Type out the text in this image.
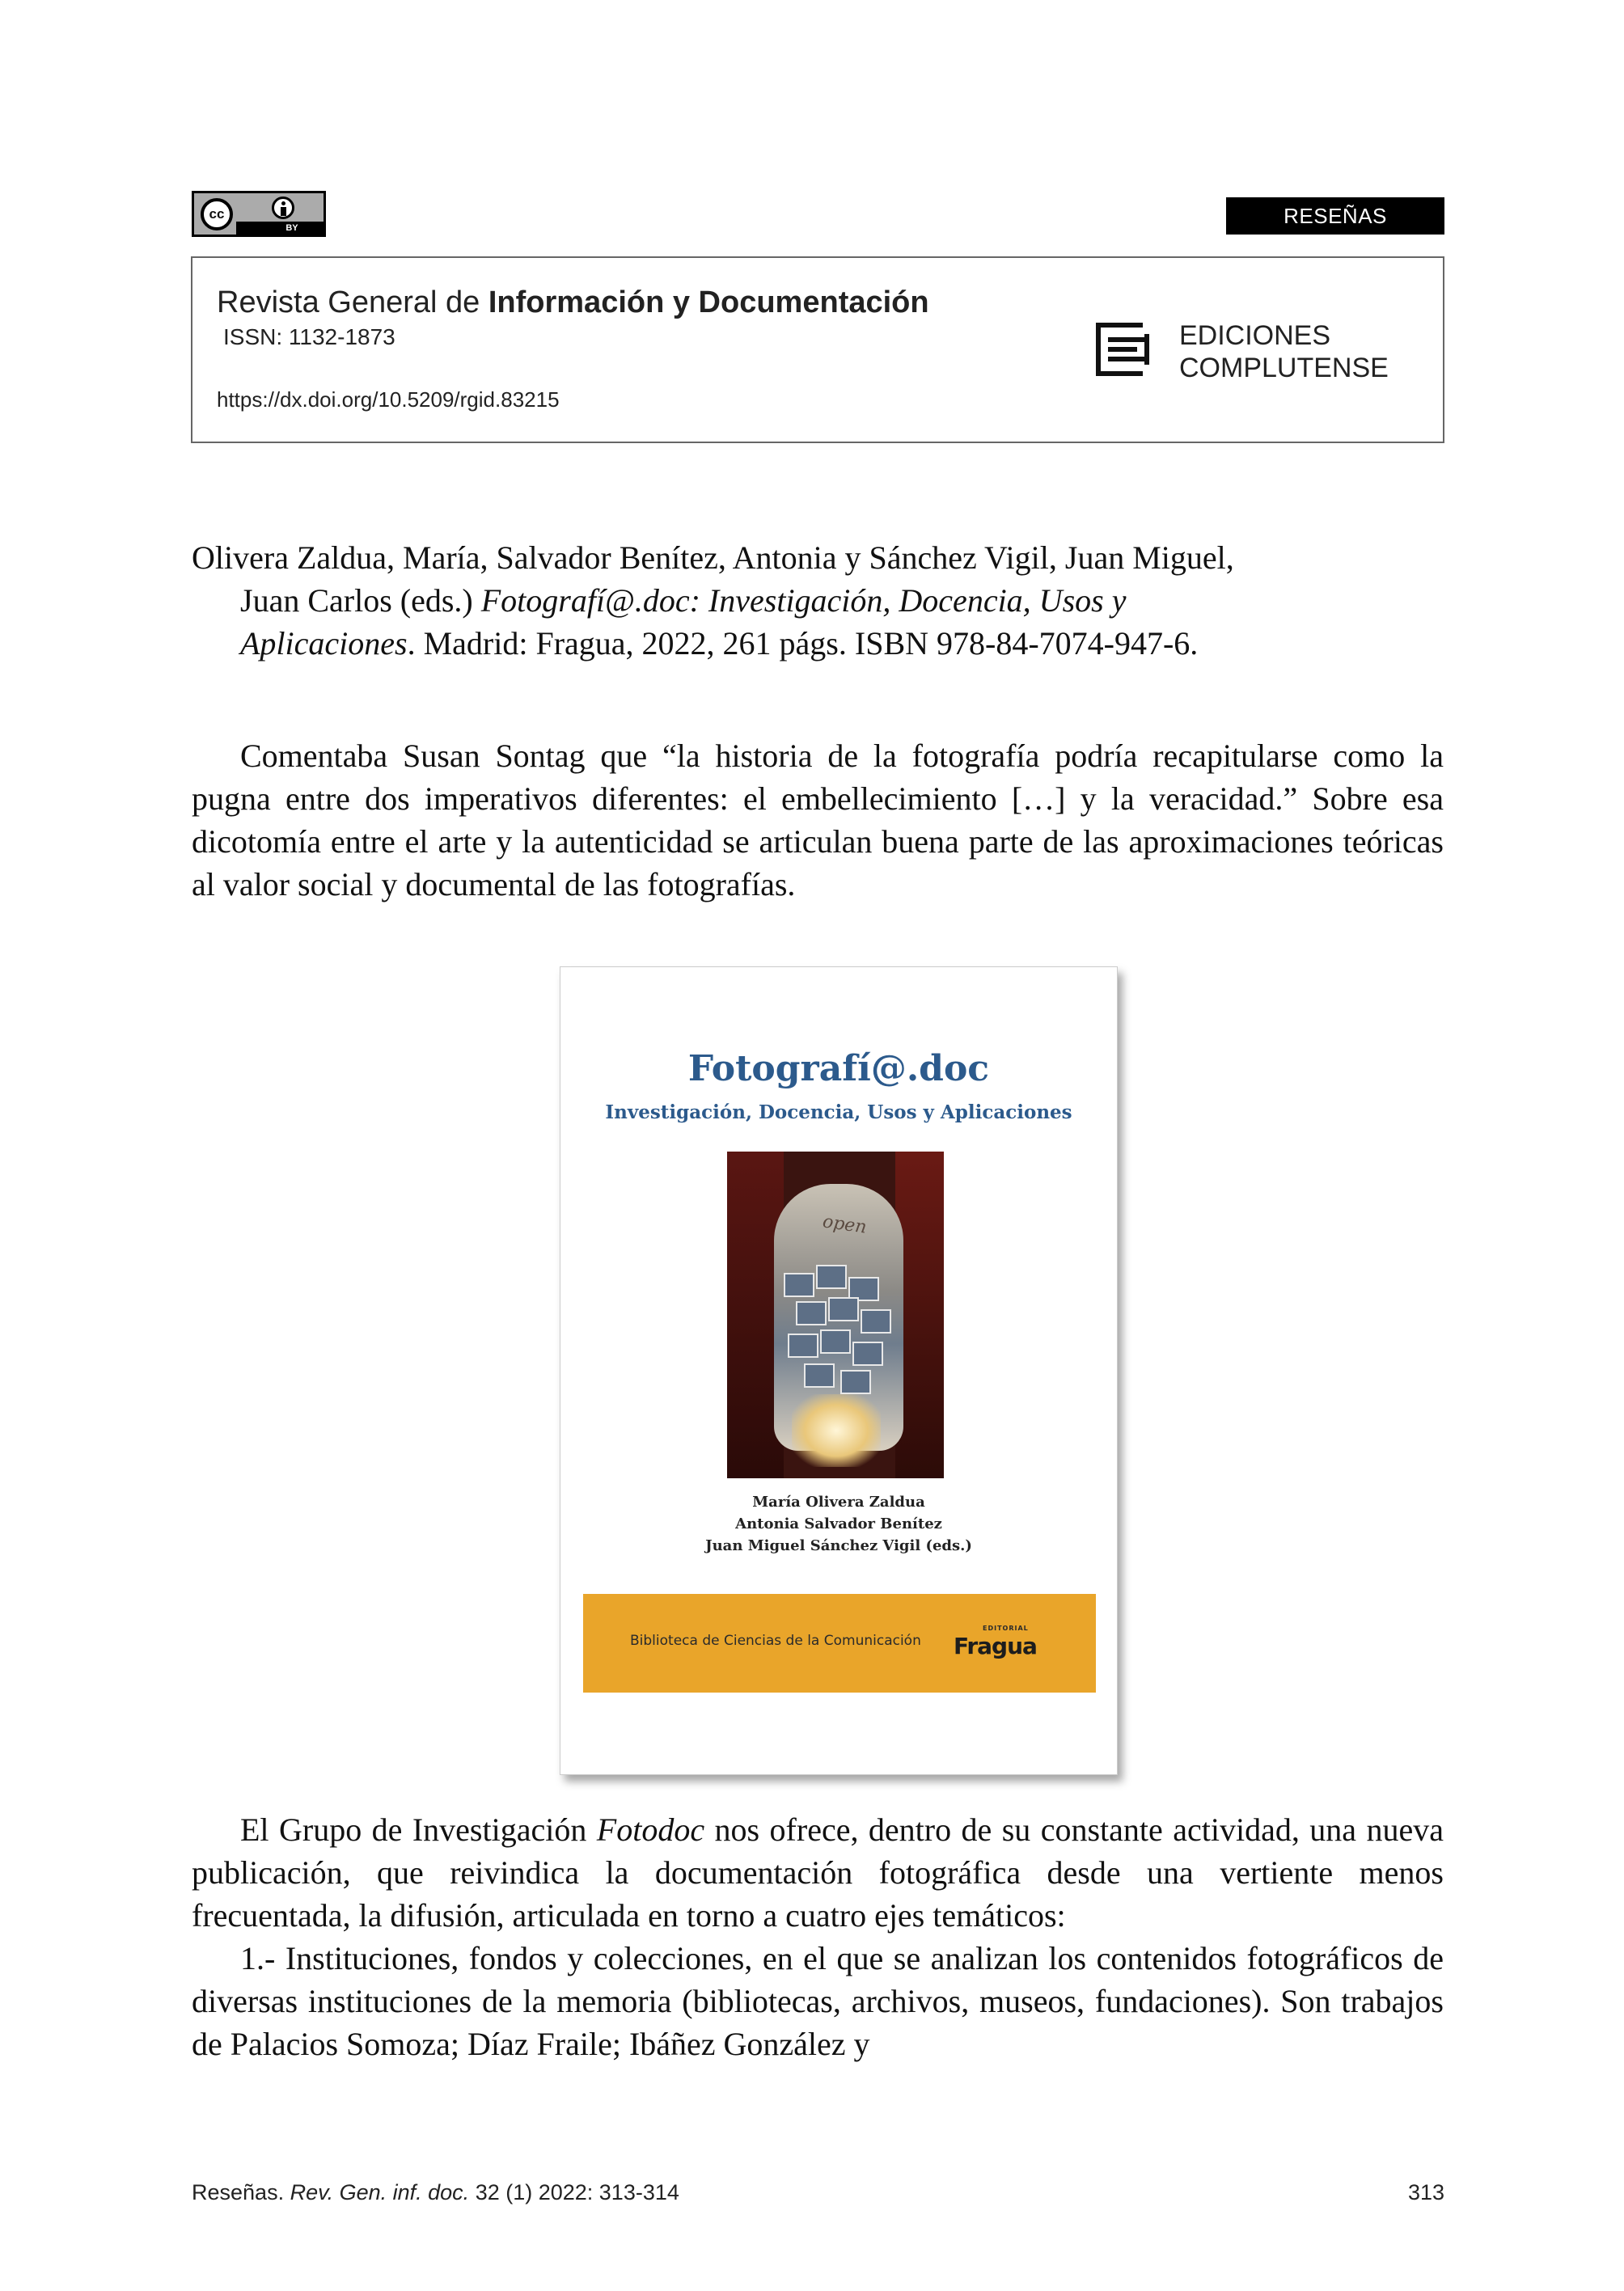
cc
BY	RESEÑAS
Revista General de Información y Documentación
ISSN: 1132-1873
https://dx.doi.org/10.5209/rgid.83215
EDICIONES
COMPLUTENSE
Olivera Zaldua, María, Salvador Benítez, Antonia y Sánchez Vigil, Juan Miguel,
Juan Carlos (eds.) Fotografí@.doc: Investigación, Docencia, Usos y
Aplicaciones. Madrid: Fragua, 2022, 261 págs. ISBN 978-84-7074-947-6.

Comentaba Susan Sontag que “la historia de la fotografía podría recapitularse como la pugna entre dos imperativos diferentes: el embellecimiento […] y la veracidad.” Sobre esa dicotomía entre el arte y la autenticidad se articulan buena parte de las aproximaciones teóricas al valor social y documental de las fotografías.

Fotografí@.doc
Investigación, Docencia, Usos y Aplicaciones
open
María Olivera Zaldua
Antonia Salvador Benítez
Juan Miguel Sánchez Vigil (eds.)
Biblioteca de Ciencias de la Comunicación
EDITORIAL
Fragua

El Grupo de Investigación Fotodoc nos ofrece, dentro de su constante actividad, una nueva publicación, que reivindica la documentación fotográfica desde una vertiente menos frecuentada, la difusión, articulada en torno a cuatro ejes temáticos:

1.- Instituciones, fondos y colecciones, en el que se analizan los contenidos fotográficos de diversas instituciones de la memoria (bibliotecas, archivos, museos, fundaciones). Son trabajos de Palacios Somoza; Díaz Fraile; Ibáñez González y

Reseñas. Rev. Gen. inf. doc. 32 (1) 2022: 313-314	313
